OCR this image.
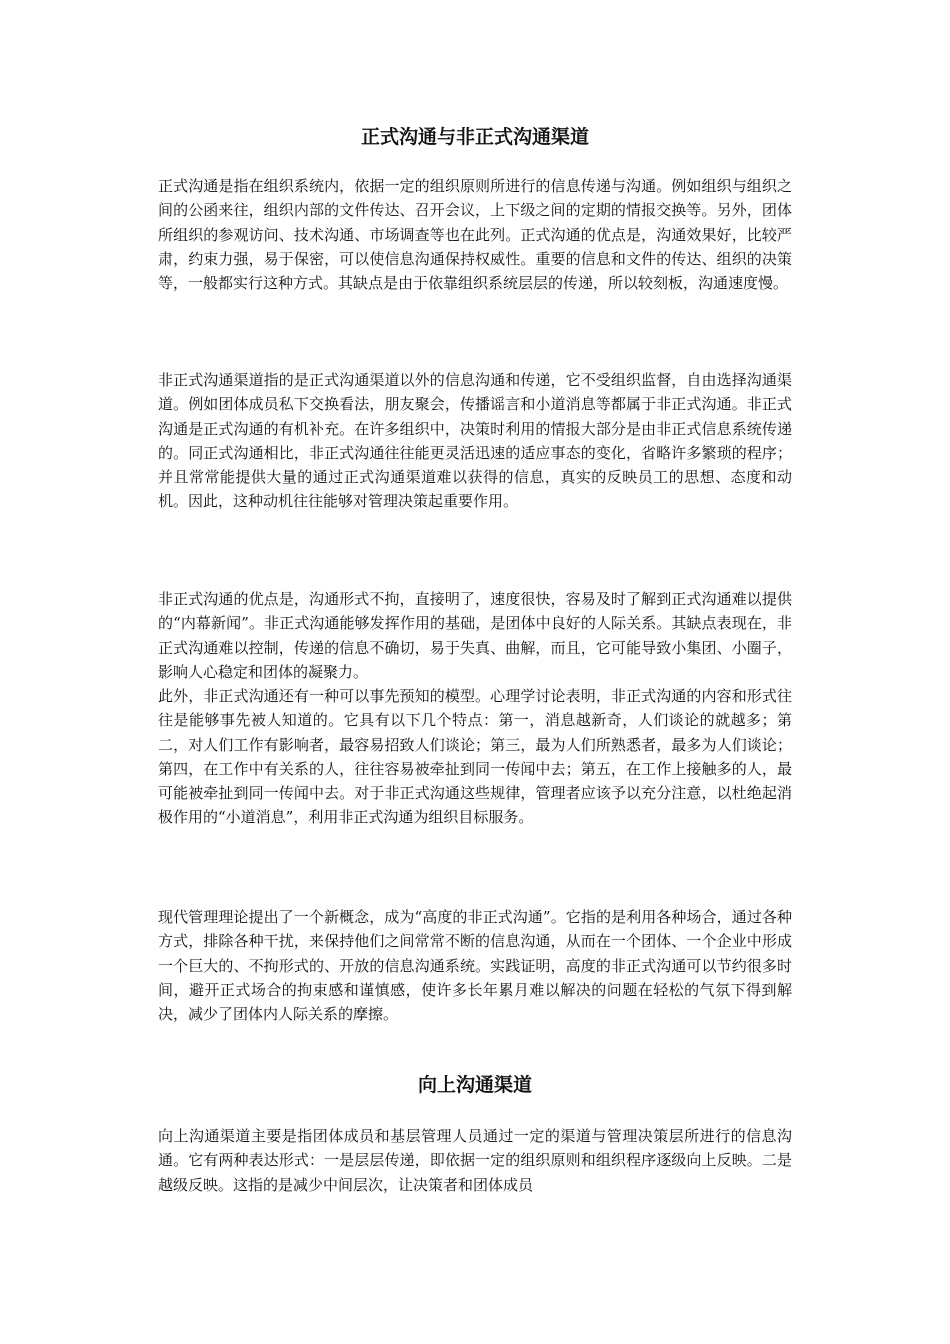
正式沟通与非正式沟通渠道

正式沟通是指在组织系统内，依据一定的组织原则所进行的信息传递与沟通。例如组织与组织之间的公函来往，组织内部的文件传达、召开会议，上下级之间的定期的情报交换等。另外，团体所组织的参观访问、技术沟通、市场调查等也在此列。正式沟通的优点是，沟通效果好，比较严肃，约束力强，易于保密，可以使信息沟通保持权威性。重要的信息和文件的传达、组织的决策等，一般都实行这种方式。其缺点是由于依靠组织系统层层的传递，所以较刻板，沟通速度慢。

非正式沟通渠道指的是正式沟通渠道以外的信息沟通和传递，它不受组织监督，自由选择沟通渠道。例如团体成员私下交换看法，朋友聚会，传播谣言和小道消息等都属于非正式沟通。非正式沟通是正式沟通的有机补充。在许多组织中，决策时利用的情报大部分是由非正式信息系统传递的。同正式沟通相比，非正式沟通往往能更灵活迅速的适应事态的变化，省略许多繁琐的程序；并且常常能提供大量的通过正式沟通渠道难以获得的信息，真实的反映员工的思想、态度和动机。因此，这种动机往往能够对管理决策起重要作用。

非正式沟通的优点是，沟通形式不拘，直接明了，速度很快，容易及时了解到正式沟通难以提供的“内幕新闻”。非正式沟通能够发挥作用的基础，是团体中良好的人际关系。其缺点表现在，非正式沟通难以控制，传递的信息不确切，易于失真、曲解，而且，它可能导致小集团、小圈子，影响人心稳定和团体的凝聚力。

此外，非正式沟通还有一种可以事先预知的模型。心理学讨论表明，非正式沟通的内容和形式往往是能够事先被人知道的。它具有以下几个特点：第一，消息越新奇，人们谈论的就越多；第二，对人们工作有影响者，最容易招致人们谈论；第三，最为人们所熟悉者，最多为人们谈论；第四，在工作中有关系的人，往往容易被牵扯到同一传闻中去；第五，在工作上接触多的人，最可能被牵扯到同一传闻中去。对于非正式沟通这些规律，管理者应该予以充分注意，以杜绝起消极作用的“小道消息”，利用非正式沟通为组织目标服务。

现代管理理论提出了一个新概念，成为“高度的非正式沟通”。它指的是利用各种场合，通过各种方式，排除各种干扰，来保持他们之间常常不断的信息沟通，从而在一个团体、一个企业中形成一个巨大的、不拘形式的、开放的信息沟通系统。实践证明，高度的非正式沟通可以节约很多时间，避开正式场合的拘束感和谨慎感，使许多长年累月难以解决的问题在轻松的气氛下得到解决，减少了团体内人际关系的摩擦。

向上沟通渠道

向上沟通渠道主要是指团体成员和基层管理人员通过一定的渠道与管理决策层所进行的信息沟通。它有两种表达形式：一是层层传递，即依据一定的组织原则和组织程序逐级向上反映。二是越级反映。这指的是减少中间层次，让决策者和团体成员
